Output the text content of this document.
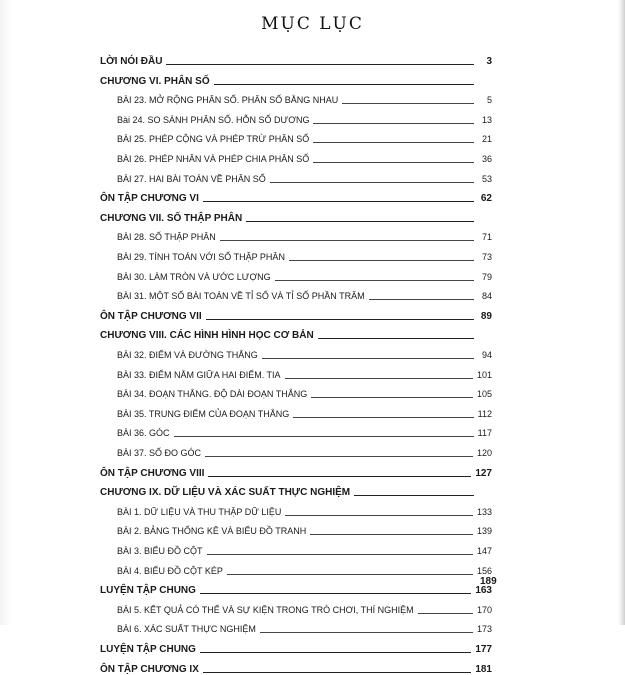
MỤC LỤC
LỜI NÓI ĐẦU	3
CHƯƠNG VI. PHÂN SỐ
BÀI 23. MỞ RỘNG PHÂN SỐ. PHÂN SỐ BẰNG NHAU	5
Bài 24. SO SÁNH PHÂN SỐ. HỖN SỐ DƯƠNG	13
BÀI 25. PHÉP CỘNG VÀ PHÉP TRỪ PHÂN SỐ	21
BÀI 26. PHÉP NHÂN VÀ PHÉP CHIA PHÂN SỐ	36
BÀI 27. HAI BÀI TOÁN VỀ PHÂN SỐ	53
ÔN TẬP CHƯƠNG VI	62
CHƯƠNG VII. SỐ THẬP PHÂN
BÀI 28. SỐ THẬP PHÂN	71
BÀI 29. TÍNH TOÁN VỚI SỐ THẬP PHÂN	73
BÀI 30. LÀM TRÒN VÀ ƯỚC LƯỢNG	79
BÀI 31. MỘT SỐ BÀI TOÁN VỀ TỈ SỐ VÀ TỈ SỐ PHẦN TRĂM	84
ÔN TẬP CHƯƠNG VII	89
CHƯƠNG VIII. CÁC HÌNH HÌNH HỌC CƠ BẢN
BÀI 32. ĐIỂM VÀ ĐƯỜNG THẲNG	94
BÀI 33. ĐIỂM NẰM GIỮA HAI ĐIỂM. TIA	101
BÀI 34. ĐOẠN THẲNG. ĐỘ DÀI ĐOẠN THẲNG	105
BÀI 35. TRUNG ĐIỂM CỦA ĐOẠN THẲNG	112
BÀI 36. GÓC	117
BÀI 37. SỐ ĐO GÓC	120
ÔN TẬP CHƯƠNG VIII	127
CHƯƠNG IX. DỮ LIỆU VÀ XÁC SUẤT THỰC NGHIỆM
BÀI 1. DỮ LIỆU VÀ THU THẬP DỮ LIỆU	133
BÀI 2. BẢNG THỐNG KÊ VÀ BIỂU ĐỒ TRANH	139
BÀI 3. BIỂU ĐỒ CỘT	147
BÀI 4. BIỂU ĐỒ CỘT KÉP	156
LUYỆN TẬP CHUNG	163
BÀI 5. KẾT QUẢ CÓ THỂ VÀ SỰ KIỆN TRONG TRÒ CHƠI, THÍ NGHIỆM	170
BÀI 6. XÁC SUẤT THỰC NGHIỆM	173
LUYỆN TẬP CHUNG	177
ÔN TẬP CHƯƠNG IX	181
189
